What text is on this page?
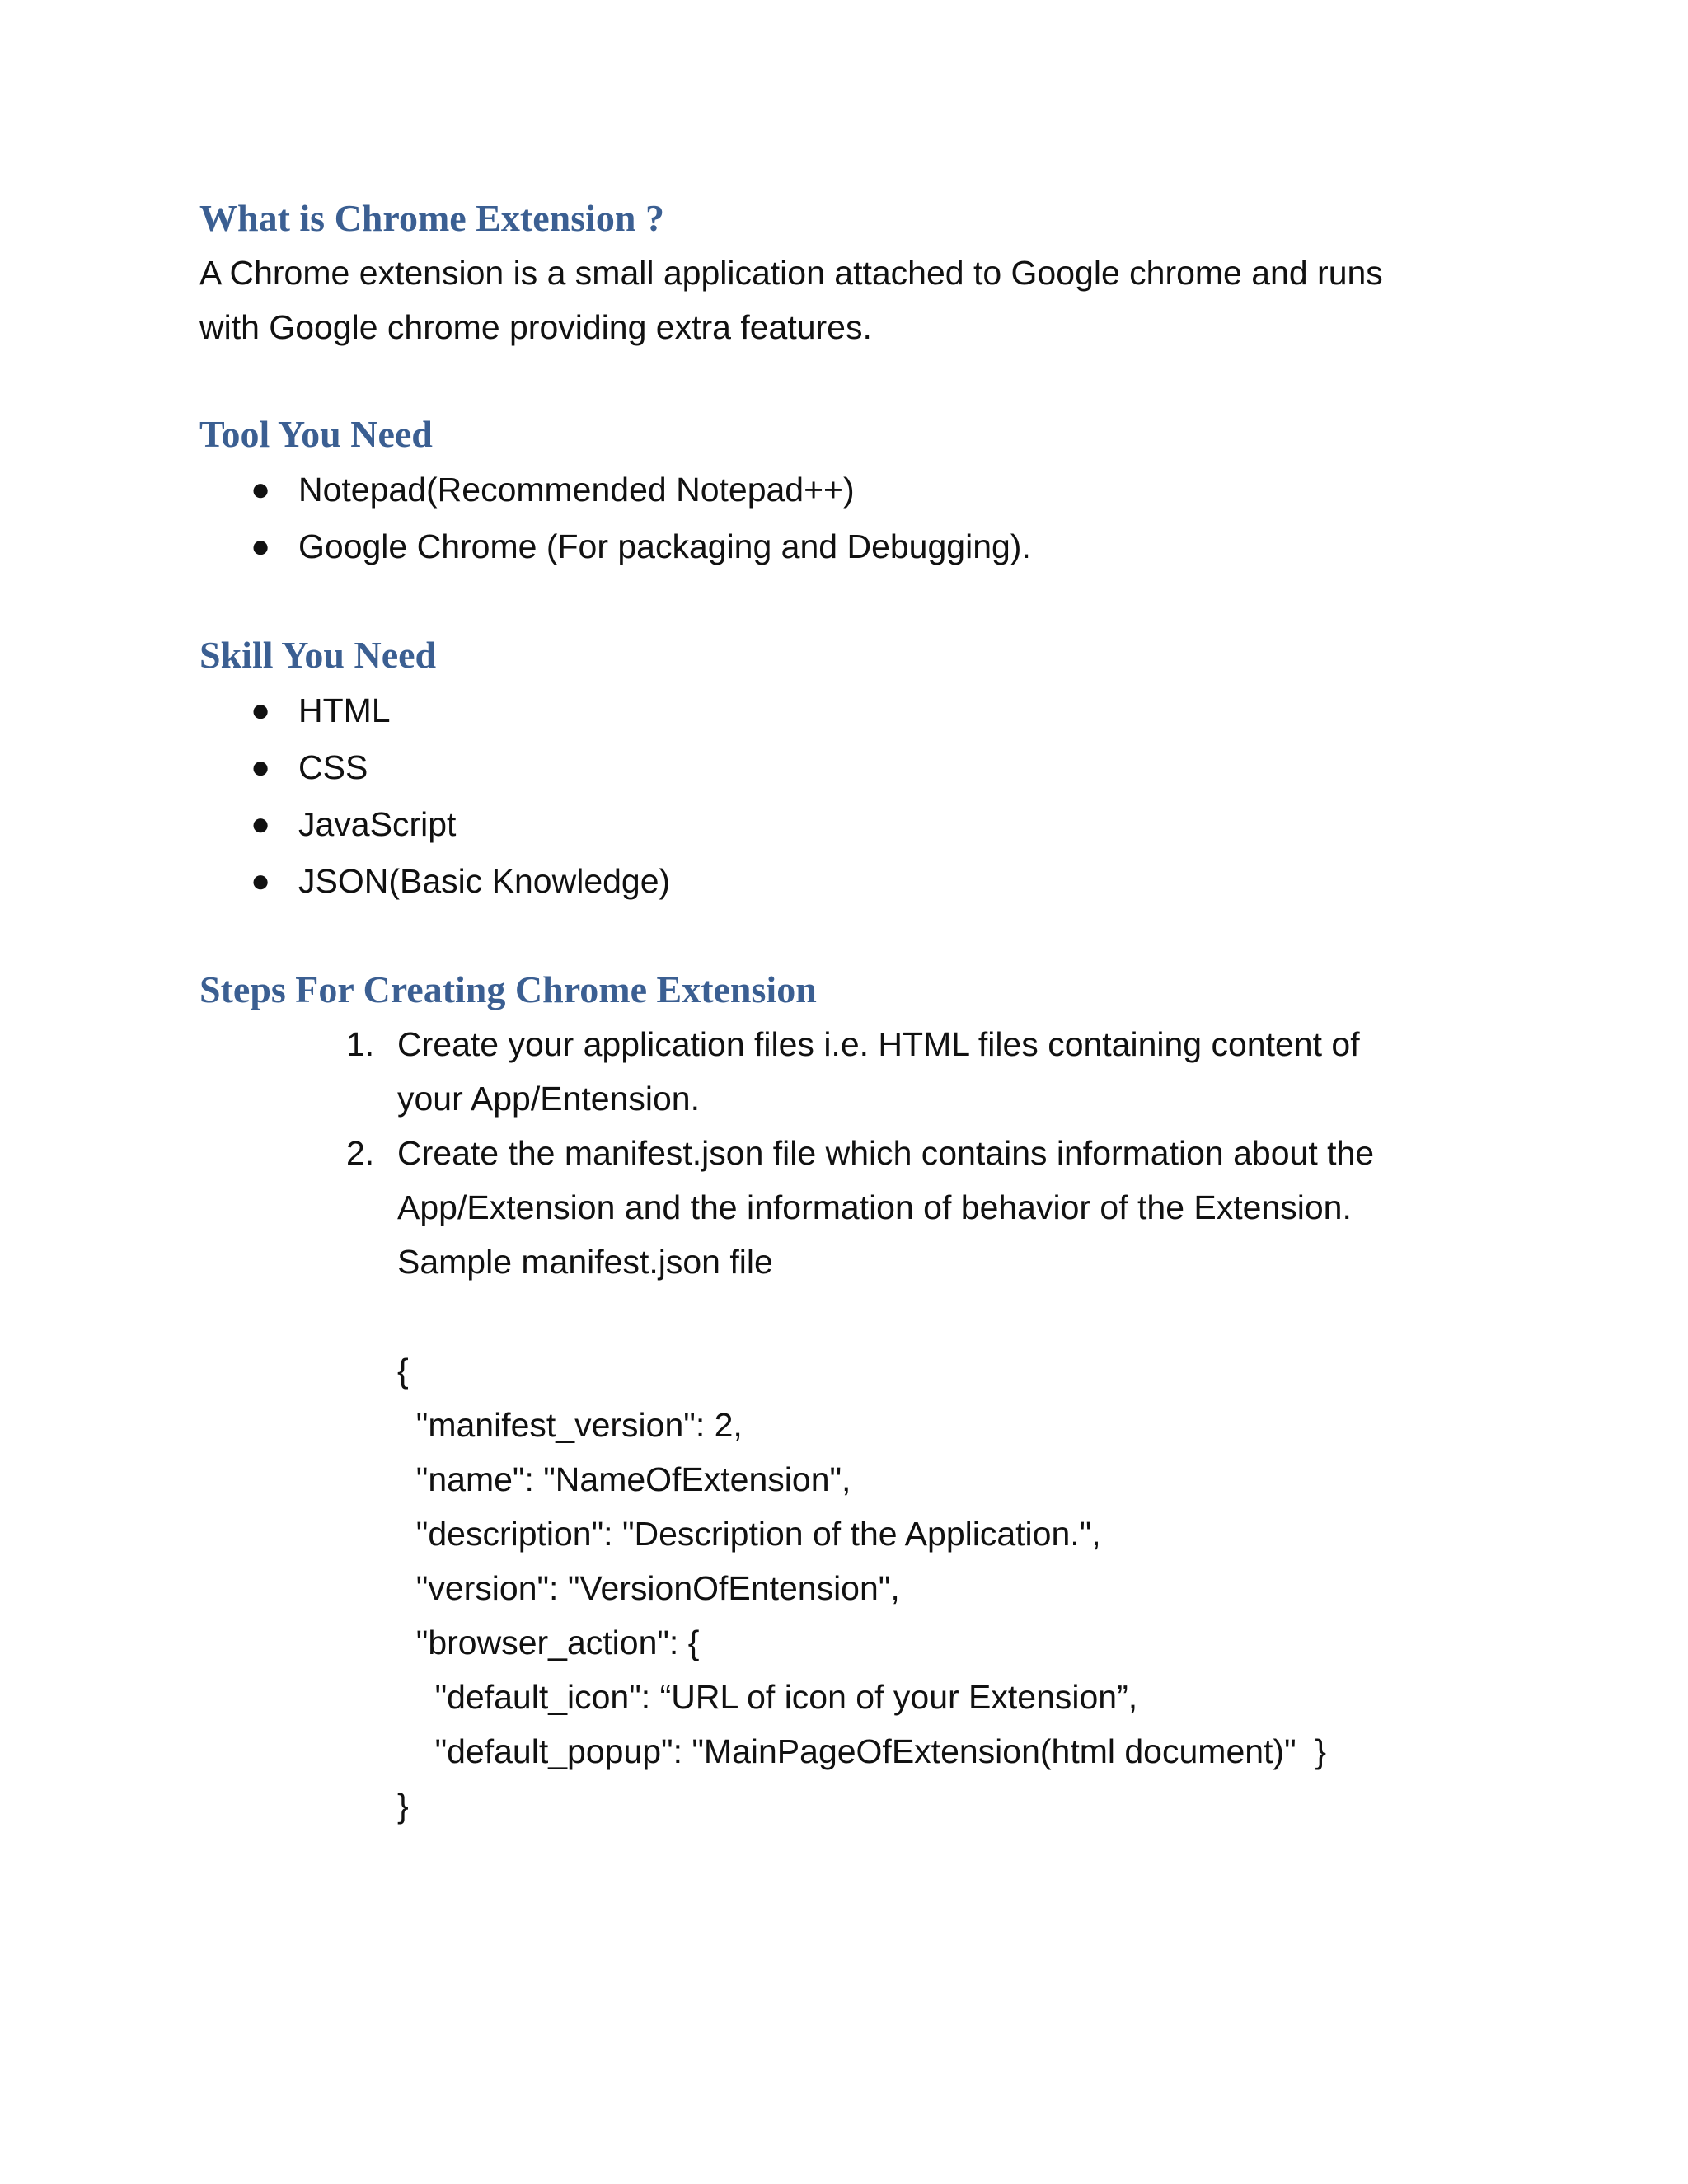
What is Chrome Extension ?

A Chrome extension is a small application attached to Google chrome and runs

with Google chrome providing extra features.

Tool You Need
● Notepad(Recommended Notepad++)
● Google Chrome (For packaging and Debugging).
Skill You Need
● HTML
● CSS
● JavaScript
● JSON(Basic Knowledge)
Steps For Creating Chrome Extension
1. Create your application files i.e. HTML files containing content of
your App/Entension.
2. Create the manifest.json file which contains information about the
App/Extension and the information of behavior of the Extension.
Sample manifest.json file
{
"manifest_version": 2,
"name": "NameOfExtension",
"description": "Description of the Application.",
"version": "VersionOfEntension",
"browser_action": {
"default_icon": “URL of icon of your Extension”,
"default_popup": "MainPageOfExtension(html document)"  }
}
